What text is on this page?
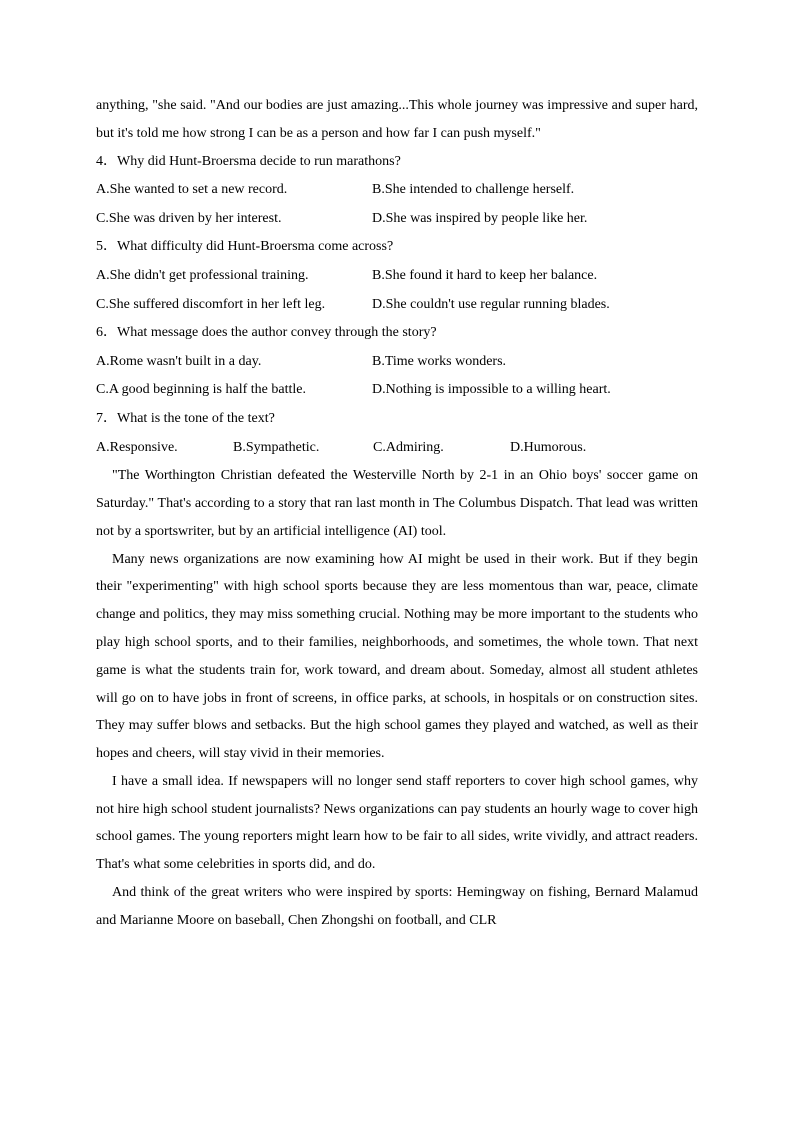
anything, "she said. "And our bodies are just amazing...This whole journey was impressive and super hard, but it's told me how strong I can be as a person and how far I can push myself."

4．Why did Hunt-Broersma decide to run marathons?
A.She wanted to set a new record.	B.She intended to challenge herself.
C.She was driven by her interest.	D.She was inspired by people like her.
5．What difficulty did Hunt-Broersma come across?
A.She didn't get professional training.	B.She found it hard to keep her balance.
C.She suffered discomfort in her left leg.	D.She couldn't use regular running blades.
6．What message does the author convey through the story?
A.Rome wasn't built in a day.	B.Time works wonders.
C.A good beginning is half the battle.	D.Nothing is impossible to a willing heart.
7．What is the tone of the text?
A.Responsive.	B.Sympathetic.	C.Admiring.	D.Humorous.

"The Worthington Christian defeated the Westerville North by 2-1 in an Ohio boys' soccer game on Saturday." That's according to a story that ran last month in The Columbus Dispatch. That lead was written not by a sportswriter, but by an artificial intelligence (AI) tool.

Many news organizations are now examining how AI might be used in their work. But if they begin their "experimenting" with high school sports because they are less momentous than war, peace, climate change and politics, they may miss something crucial. Nothing may be more important to the students who play high school sports, and to their families, neighborhoods, and sometimes, the whole town. That next game is what the students train for, work toward, and dream about. Someday, almost all student athletes will go on to have jobs in front of screens, in office parks, at schools, in hospitals or on construction sites. They may suffer blows and setbacks. But the high school games they played and watched, as well as their hopes and cheers, will stay vivid in their memories.

I have a small idea. If newspapers will no longer send staff reporters to cover high school games, why not hire high school student journalists? News organizations can pay students an hourly wage to cover high school games. The young reporters might learn how to be fair to all sides, write vividly, and attract readers. That's what some celebrities in sports did, and do.

And think of the great writers who were inspired by sports: Hemingway on fishing, Bernard Malamud and Marianne Moore on baseball, Chen Zhongshi on football, and CLR
